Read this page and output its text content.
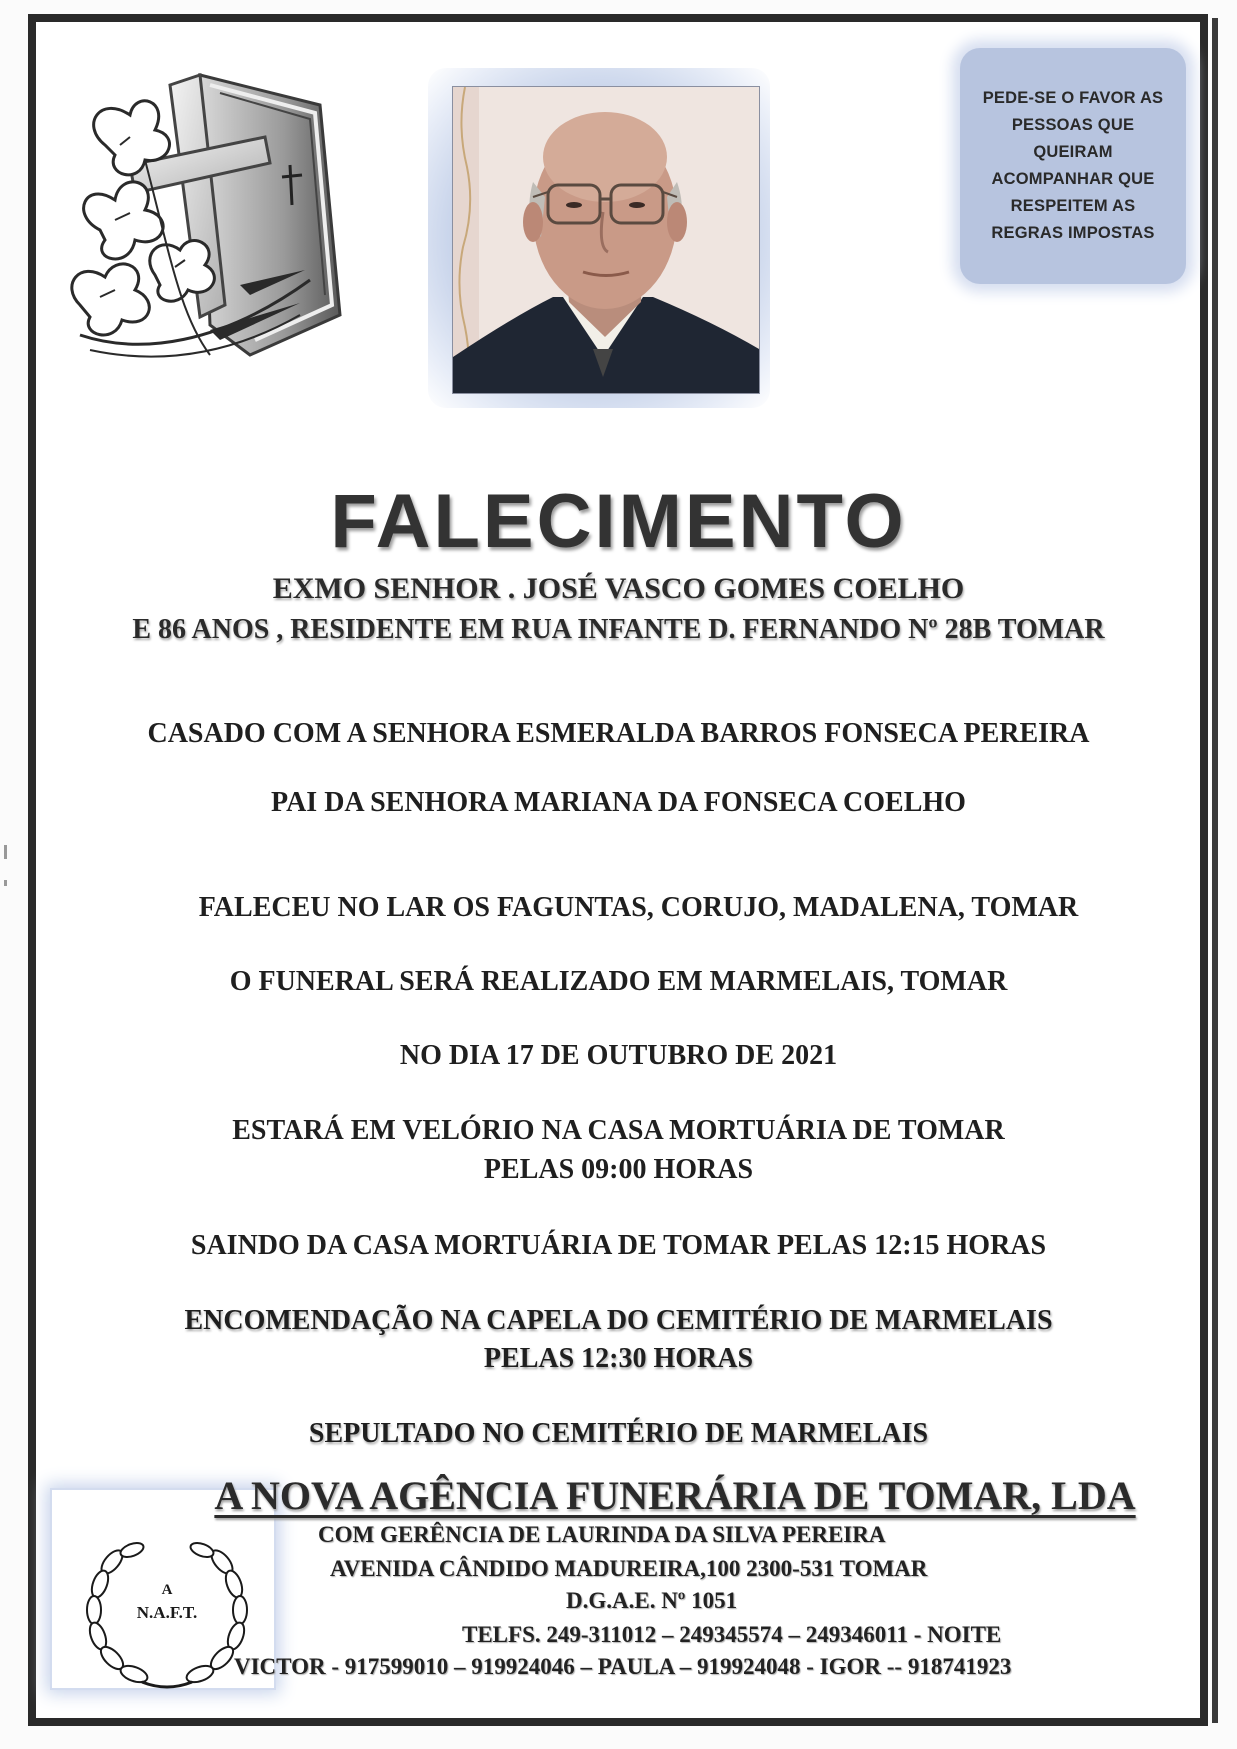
PEDE-SE O FAVOR AS
PESSOAS QUE
QUEIRAM
ACOMPANHAR QUE
RESPEITEM AS
REGRAS IMPOSTAS
FALECIMENTO
EXMO SENHOR . JOSÉ VASCO GOMES COELHO
E 86 ANOS , RESIDENTE EM RUA INFANTE D. FERNANDO Nº 28B TOMAR
CASADO COM A SENHORA ESMERALDA BARROS FONSECA PEREIRA
PAI DA SENHORA MARIANA DA FONSECA COELHO
FALECEU NO LAR OS FAGUNTAS, CORUJO, MADALENA, TOMAR
O FUNERAL SERÁ REALIZADO EM MARMELAIS, TOMAR
NO DIA 17 DE OUTUBRO DE 2021
ESTARÁ EM VELÓRIO NA CASA MORTUÁRIA DE TOMAR
PELAS 09:00 HORAS
SAINDO DA CASA MORTUÁRIA DE TOMAR PELAS 12:15 HORAS
ENCOMENDAÇÃO NA CAPELA DO CEMITÉRIO DE MARMELAIS
PELAS 12:30 HORAS
SEPULTADO NO CEMITÉRIO DE MARMELAIS
A
N.A.F.T.
A NOVA AGÊNCIA FUNERÁRIA DE TOMAR, LDA
COM GERÊNCIA DE LAURINDA DA SILVA PEREIRA
AVENIDA CÂNDIDO MADUREIRA,100 2300-531 TOMAR
D.G.A.E. Nº 1051
TELFS. 249-311012 – 249345574 – 249346011 - NOITE
VICTOR - 917599010 – 919924046 – PAULA – 919924048 - IGOR -- 918741923
